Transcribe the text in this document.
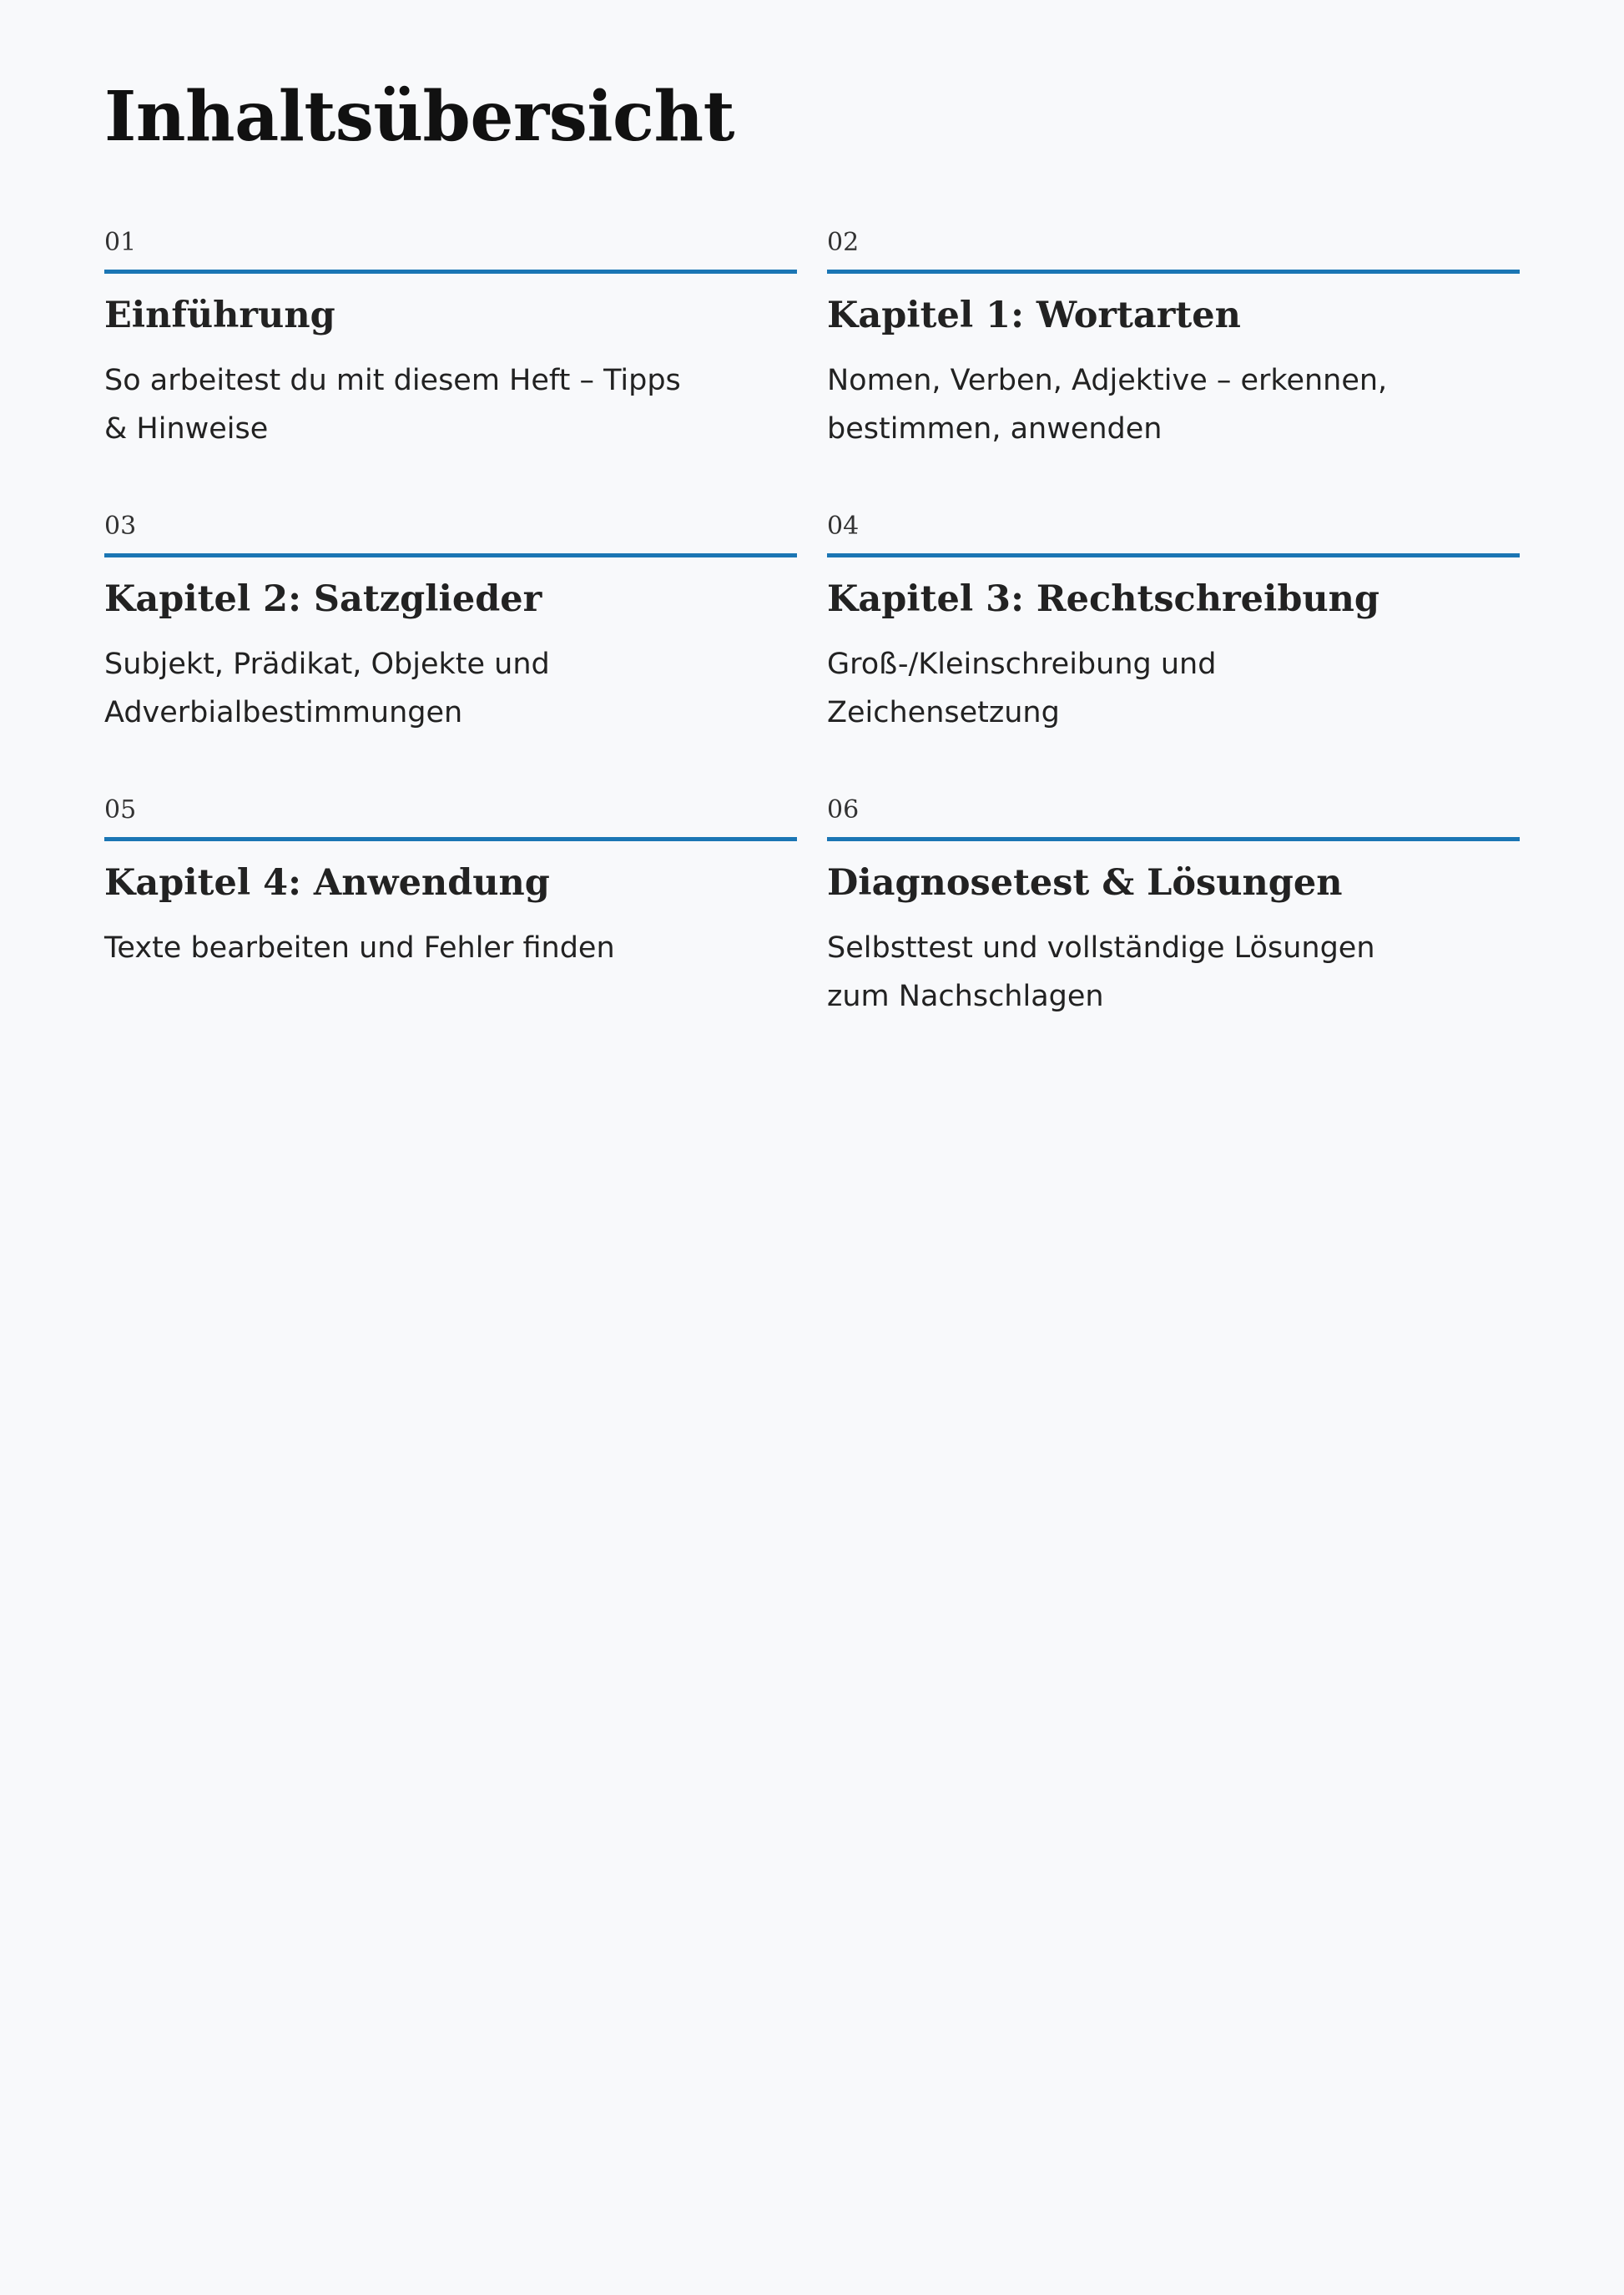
Inhaltsübersicht
01
Einführung
So arbeitest du mit diesem Heft – Tipps & Hinweise
02
Kapitel 1: Wortarten
Nomen, Verben, Adjektive – erkennen, bestimmen, anwenden
03
Kapitel 2: Satzglieder
Subjekt, Prädikat, Objekte und Adverbialbestimmungen
04
Kapitel 3: Rechtschreibung
Groß-/Kleinschreibung und Zeichensetzung
05
Kapitel 4: Anwendung
Texte bearbeiten und Fehler finden
06
Diagnosetest & Lösungen
Selbsttest und vollständige Lösungen zum Nachschlagen
